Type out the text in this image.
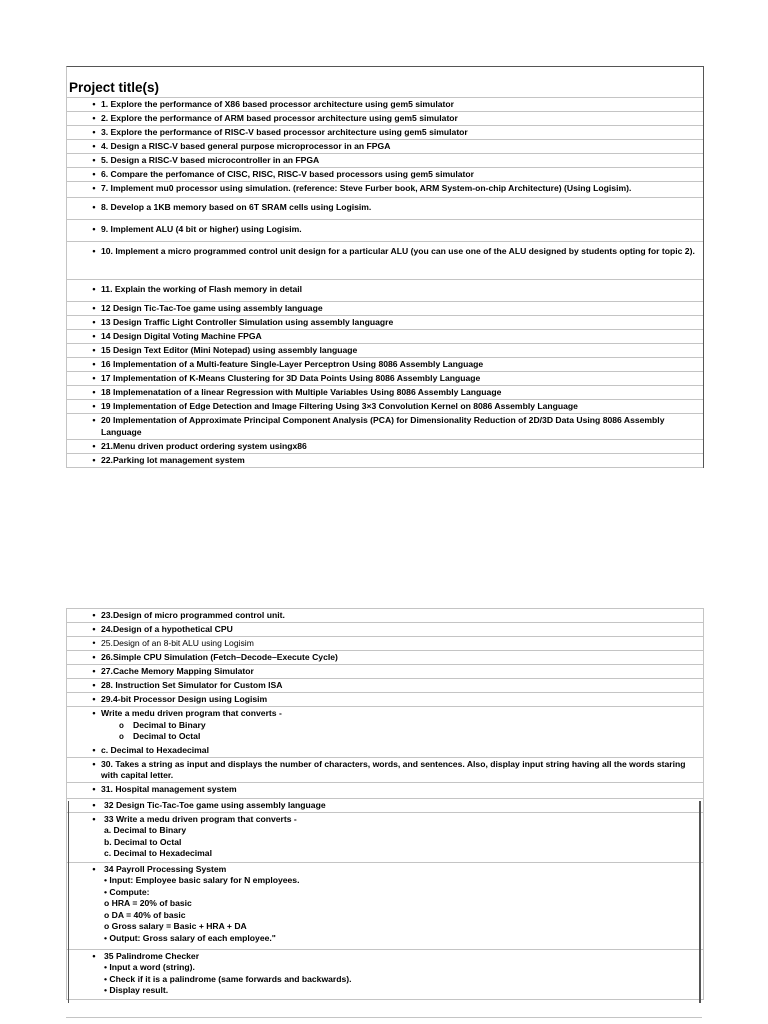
Project title(s)
• 1. Explore the performance of X86 based processor architecture using gem5 simulator
• 2. Explore the performance of ARM based processor architecture using gem5 simulator
• 3. Explore the performance of RISC-V based processor architecture using gem5 simulator
• 4. Design a RISC-V based general purpose microprocessor in an FPGA
• 5. Design a RISC-V based microcontroller in an FPGA
• 6. Compare the perfomance of CISC, RISC, RISC-V based processors using gem5 simulator
• 7. Implement mu0 processor using simulation. (reference: Steve Furber book, ARM System-on-chip Architecture) (Using Logisim).
• 8. Develop a 1KB memory based on 6T SRAM cells using Logisim.
• 9. Implement ALU (4 bit or higher) using Logisim.
• 10. Implement a micro programmed control unit design for a particular ALU (you can use one of the ALU designed by students opting for topic 2).
• 11. Explain the working of Flash memory in detail
• 12 Design Tic-Tac-Toe game using assembly language
• 13 Design Traffic Light Controller Simulation using assembly languagre
• 14 Design Digital Voting Machine FPGA
• 15 Design Text Editor (Mini Notepad) using assembly language
• 16 Implementation of a Multi-feature Single-Layer Perceptron Using 8086 Assembly Language
• 17 Implementation of K-Means Clustering for 3D Data Points Using 8086 Assembly Language
• 18 Implemenatation of a linear Regression with Multiple Variables Using 8086 Assembly Language
• 19 Implementation of Edge Detection and Image Filtering Using 3×3 Convolution Kernel on 8086 Assembly Language
• 20 Implementation of Approximate Principal Component Analysis (PCA) for Dimensionality Reduction of 2D/3D Data Using 8086 Assembly Language
• 21.Menu driven product ordering system usingx86
• 22.Parking lot management system
• 23.Design of micro programmed control unit.
• 24.Design of a hypothetical CPU
• 25.Design of an 8-bit ALU using Logisim
• 26.Simple CPU Simulation (Fetch–Decode–Execute Cycle)
• 27.Cache Memory Mapping Simulator
• 28. Instruction Set Simulator for Custom ISA
• 29.4-bit Processor Design using Logisim
• Write a medu driven program that converts -
o Decimal to Binary
o Decimal to Octal
• c. Decimal to Hexadecimal
• 30. Takes a string as input and displays the number of characters, words, and sentences. Also, display input string having all the words staring with capital letter.
• 31. Hospital management system
• 32 Design Tic-Tac-Toe game using assembly language
• 33 Write a medu driven program that converts -
a. Decimal to Binary
b. Decimal to Octal
c. Decimal to Hexadecimal
• 34 Payroll Processing System
• Input: Employee basic salary for N employees.
• Compute:
o HRA = 20% of basic
o DA = 40% of basic
o Gross salary = Basic + HRA + DA
• Output: Gross salary of each employee."
• 35 Palindrome Checker
• Input a word (string).
• Check if it is a palindrome (same forwards and backwards).
• Display result.
